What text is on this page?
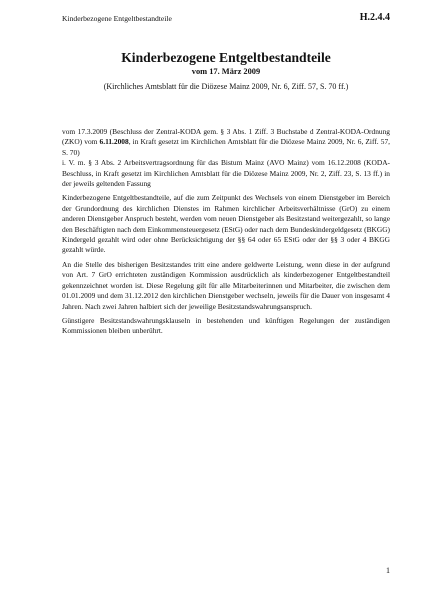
Kinderbezogene Entgeltbestandteile	H.2.4.4
Kinderbezogene Entgeltbestandteile
vom 17. März 2009
(Kirchliches Amtsblatt für die Diözese Mainz 2009, Nr. 6, Ziff. 57, S. 70 ff.)

vom 17.3.2009 (Beschluss der Zentral-KODA gem. § 3 Abs. 1 Ziff. 3 Buchstabe d Zentral-KODA-Ordnung (ZKO) vom 6.11.2008, in Kraft gesetzt im Kirchlichen Amtsblatt für die Diözese Mainz 2009, Nr. 6, Ziff. 57, S. 70)

i. V. m. § 3 Abs. 2 Arbeitsvertragsordnung für das Bistum Mainz (AVO Mainz) vom 16.12.2008 (KODA-Beschluss, in Kraft gesetzt im Kirchlichen Amtsblatt für die Diözese Mainz 2009, Nr. 2, Ziff. 23, S. 13 ff.) in der jeweils geltenden Fassung

Kinderbezogene Entgeltbestandteile, auf die zum Zeitpunkt des Wechsels von einem Dienstgeber im Bereich der Grundordnung des kirchlichen Dienstes im Rahmen kirchlicher Arbeitsverhältnisse (GrO) zu einem anderen Dienstgeber Anspruch besteht, werden vom neuen Dienstgeber als Besitzstand weitergezahlt, so lange den Beschäftigten nach dem Einkommensteuergesetz (EStG) oder nach dem Bundeskindergeldgesetz (BKGG) Kindergeld gezahlt wird oder ohne Berücksichtigung der §§ 64 oder 65 EStG oder der §§ 3 oder 4 BKGG gezahlt würde.

An die Stelle des bisherigen Besitzstandes tritt eine andere geldwerte Leistung, wenn diese in der aufgrund von Art. 7 GrO errichteten zuständigen Kommission ausdrücklich als kinderbezogener Entgeltbestandteil gekennzeichnet worden ist. Diese Regelung gilt für alle Mitarbeiterinnen und Mitarbeiter, die zwischen dem 01.01.2009 und dem 31.12.2012 den kirchlichen Dienstgeber wechseln, jeweils für die Dauer von insgesamt 4 Jahren. Nach zwei Jahren halbiert sich der jeweilige Besitzstandswahrungsanspruch.

Günstigere Besitzstandswahrungsklauseln in bestehenden und künftigen Regelungen der zuständigen Kommissionen bleiben unberührt.

1
